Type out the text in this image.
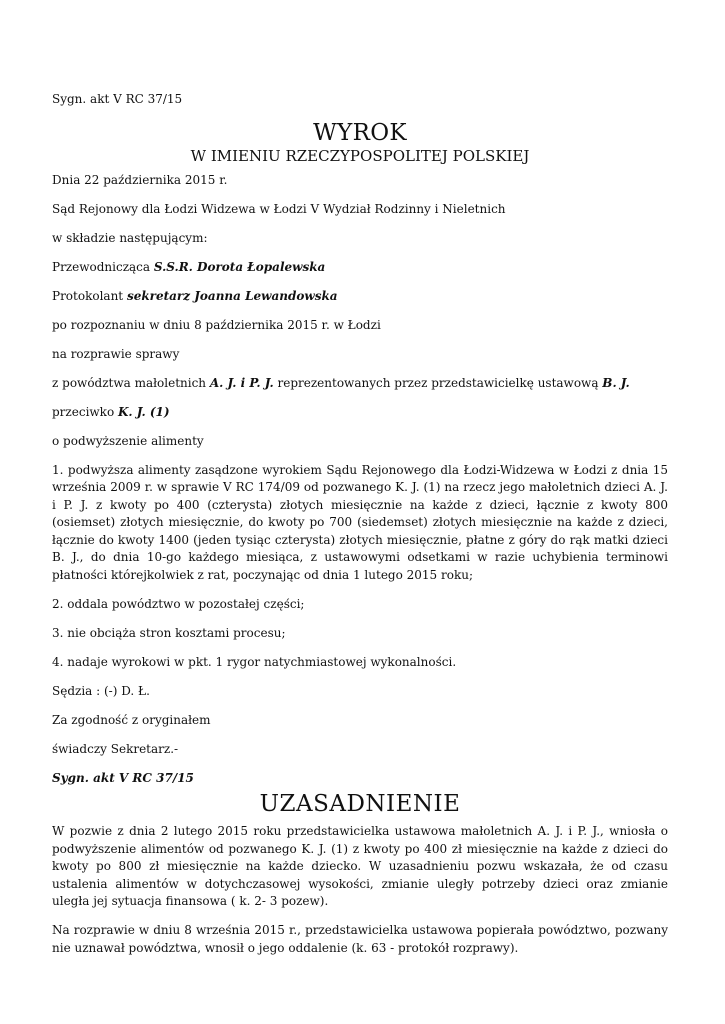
Sygn. akt V RC 37/15

WYROK
W IMIENIU RZECZYPOSPOLITEJ POLSKIEJ

Dnia 22 października 2015 r.

Sąd Rejonowy dla Łodzi Widzewa w Łodzi V Wydział Rodzinny i Nieletnich

w składzie następującym:

Przewodnicząca S.S.R. Dorota Łopalewska

Protokolant sekretarz Joanna Lewandowska

po rozpoznaniu w dniu 8 października 2015 r. w Łodzi

na rozprawie sprawy

z powództwa małoletnich A. J. i P. J. reprezentowanych przez przedstawicielkę ustawową B. J.

przeciwko K. J. (1)

o podwyższenie alimenty

1. podwyższa alimenty zasądzone wyrokiem Sądu Rejonowego dla Łodzi-Widzewa w Łodzi z dnia 15 września 2009 r. w sprawie V RC 174/09 od pozwanego K. J. (1) na rzecz jego małoletnich dzieci A. J. i P. J. z kwoty po 400 (czterysta) złotych miesięcznie na każde z dzieci, łącznie z kwoty 800 (osiemset) złotych miesięcznie, do kwoty po 700 (siedemset) złotych miesięcznie na każde z dzieci, łącznie do kwoty 1400 (jeden tysiąc czterysta) złotych miesięcznie, płatne z góry do rąk matki dzieci B. J., do dnia 10-go każdego miesiąca, z ustawowymi odsetkami w razie uchybienia terminowi płatności którejkolwiek z rat, poczynając od dnia 1 lutego 2015 roku;

2. oddala powództwo w pozostałej części;

3. nie obciąża stron kosztami procesu;

4. nadaje wyrokowi w pkt. 1 rygor natychmiastowej wykonalności.

Sędzia : (-) D. Ł.

Za zgodność z oryginałem

świadczy Sekretarz.-

Sygn. akt V RC 37/15

UZASADNIENIE

W pozwie z dnia 2 lutego 2015 roku przedstawicielka ustawowa małoletnich A. J. i P. J., wniosła o podwyższenie alimentów od pozwanego K. J. (1) z kwoty po 400 zł miesięcznie na każde z dzieci do kwoty po 800 zł miesięcznie na każde dziecko. W uzasadnieniu pozwu wskazała, że od czasu ustalenia alimentów w dotychczasowej wysokości, zmianie uległy potrzeby dzieci oraz zmianie uległa jej sytuacja finansowa ( k. 2- 3 pozew).

Na rozprawie w dniu 8 września 2015 r., przedstawicielka ustawowa popierała powództwo, pozwany nie uznawał powództwa, wnosił o jego oddalenie (k. 63 - protokół rozprawy).
